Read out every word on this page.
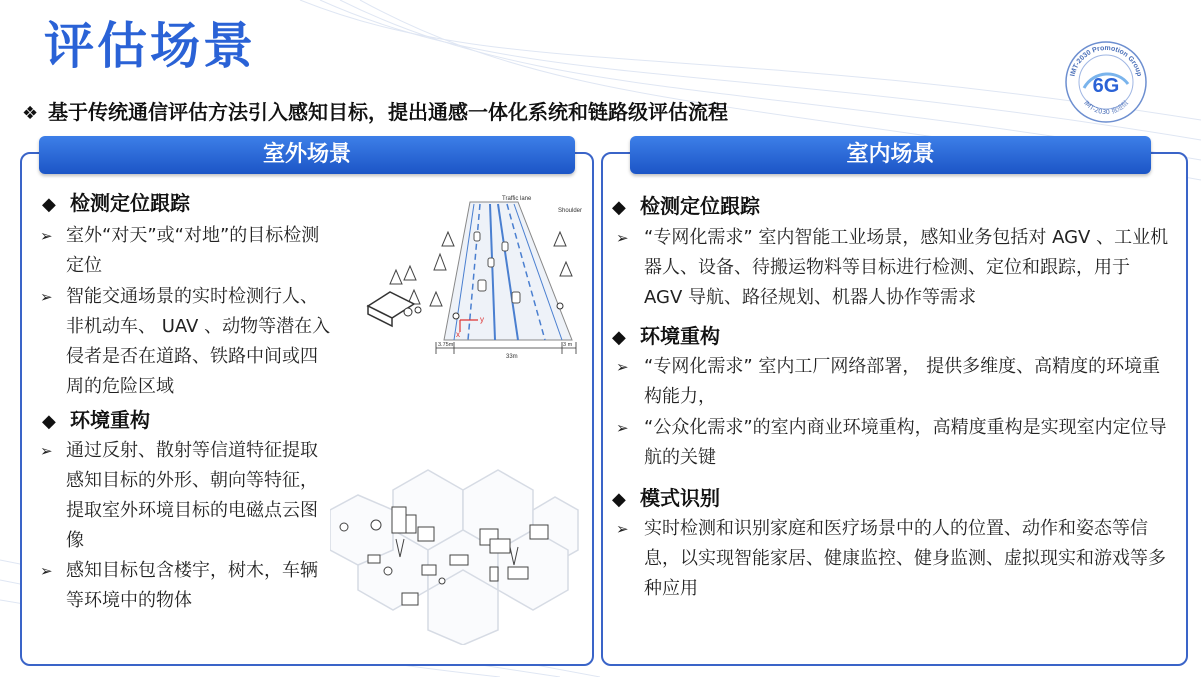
评估场景
IMT-2030 Promotion Group
IMT-2030 推进组
6G
❖ 基于传统通信评估方法引入感知目标，提出通感一体化系统和链路级评估流程
室外场景	室内场景
◆ 检测定位跟踪
➢ 室外“对天”或“对地”的目标检测定位
➢ 智能交通场景的实时检测行人、非机动车、 UAV 、动物等潜在入侵者是否在道路、铁路中间或四周的危险区域
◆ 环境重构
➢ 通过反射、散射等信道特征提取感知目标的外形、朝向等特征，提取室外环境目标的电磁点云图像
➢ 感知目标包含楼宇，树木，车辆等环境中的物体
y
x
Traffic lane
Shoulder
3.75m
33m
3 m
◆ 检测定位跟踪
➢ “专网化需求” 室内智能工业场景，感知业务包括对 AGV 、工业机器人、设备、待搬运物料等目标进行检测、定位和跟踪，用于 AGV 导航、路径规划、机器人协作等需求
◆ 环境重构
➢ “专网化需求” 室内工厂网络部署， 提供多维度、高精度的环境重构能力，
➢ “公众化需求”的室内商业环境重构，高精度重构是实现室内定位导航的关键
◆ 模式识别
➢ 实时检测和识别家庭和医疗场景中的人的位置、动作和姿态等信息，以实现智能家居、健康监控、健身监测、虚拟现实和游戏等多种应用
